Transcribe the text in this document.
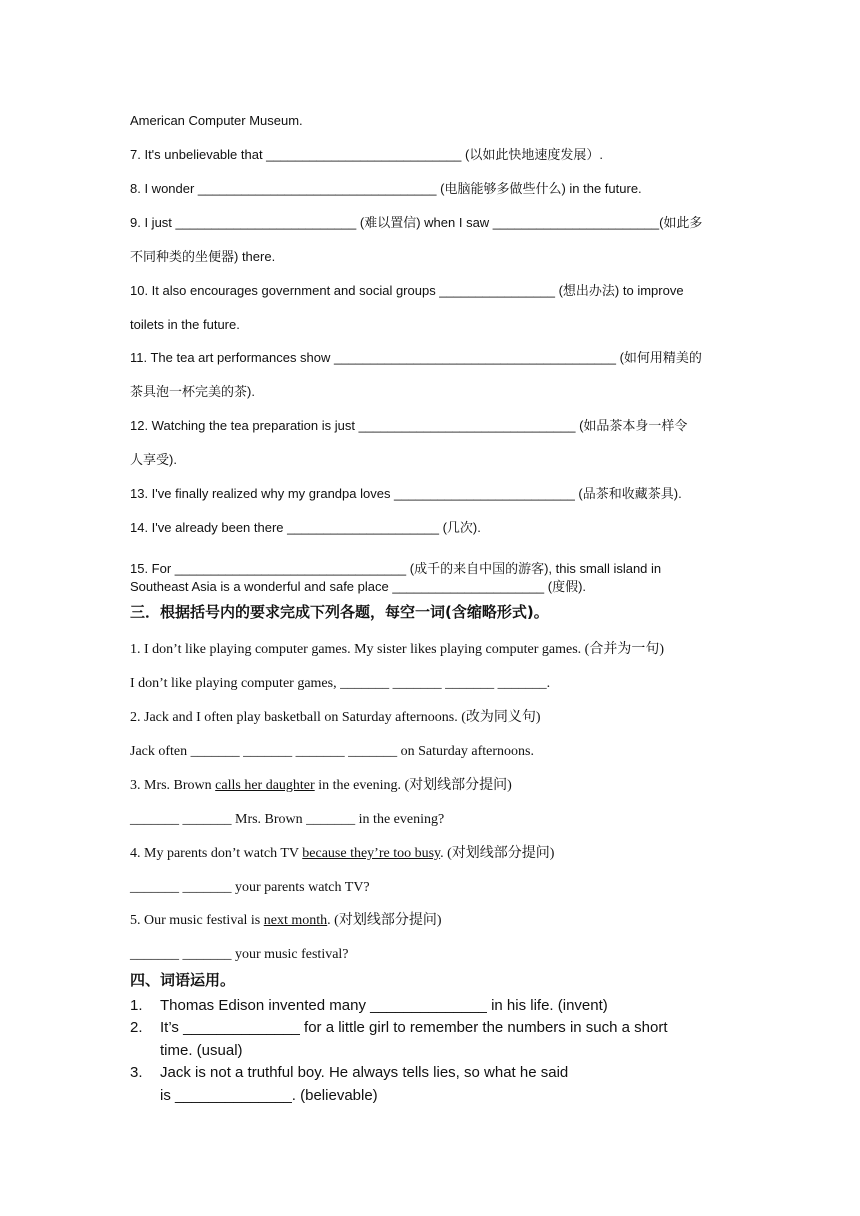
American Computer Museum.
7. It's unbelievable that ___________________________ (以如此快地速度发展）.
8. I wonder _________________________________ (电脑能够多做些什么) in the future.
9. I just _________________________ (难以置信) when I saw _______________________(如此多
不同种类的坐便器) there.
10. It also encourages government and social groups ________________ (想出办法) to improve
toilets in the future.
11. The tea art performances show _______________________________________ (如何用精美的
茶具泡一杯完美的茶).
12. Watching the tea preparation is just ______________________________ (如品茶本身一样令
人享受).
13. I've finally realized why my grandpa loves _________________________ (品茶和收藏茶具).
14. I've already been there _____________________ (几次).
15. For ________________________________ (成千的来自中国的游客), this small island in
Southeast Asia is a wonderful and safe place _____________________ (度假).
三．根据括号内的要求完成下列各题，每空一词(含缩略形式)。
1. I don’t like playing computer games. My sister likes playing computer games. (合并为一句)
I don’t like playing computer games, _______ _______ _______ _______.
2. Jack and I often play basketball on Saturday afternoons. (改为同义句)
Jack often _______ _______ _______ _______ on Saturday afternoons.
3. Mrs. Brown calls her daughter in the evening. (对划线部分提问)
_______ _______ Mrs. Brown _______ in the evening?
4. My parents don’t watch TV because they’re too busy. (对划线部分提问)
_______ _______ your parents watch TV?
5. Our music festival is next month. (对划线部分提问)
_______ _______ your music festival?
四、词语运用。
1. Thomas Edison invented many ______________ in his life. (invent)
2. It’s ______________ for a little girl to remember the numbers in such a short
time. (usual)
3. Jack is not a truthful boy. He always tells lies, so what he said
is ______________. (believable)
